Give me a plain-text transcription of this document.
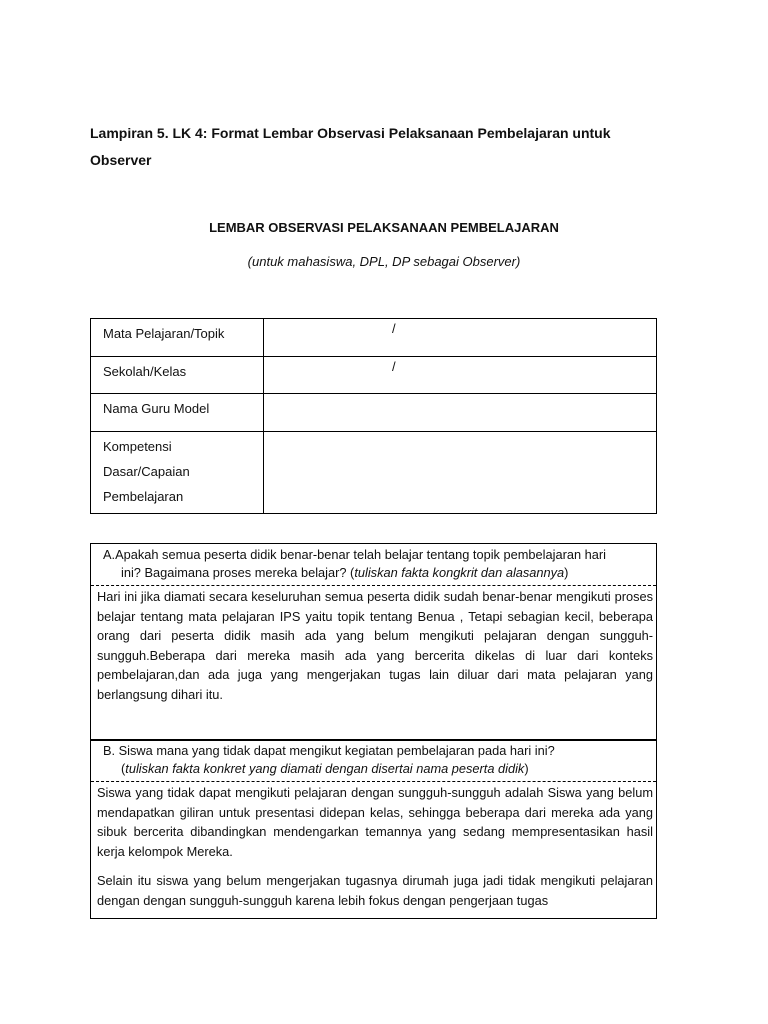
Lampiran 5. LK 4: Format Lembar Observasi Pelaksanaan Pembelajaran untuk
Observer
LEMBAR OBSERVASI PELAKSANAAN PEMBELAJARAN
(untuk mahasiswa, DPL, DP sebagai Observer)
Mata Pelajaran/Topik	/

Sekolah/Kelas	/

Nama Guru Model	

Kompetensi
Dasar/Capaian
Pembelajaran	

A.Apakah semua peserta didik benar-benar telah belajar tentang topik pembelajaran hari
ini? Bagaimana proses mereka belajar? (tuliskan fakta kongkrit dan alasannya)

Hari ini jika diamati secara keseluruhan semua peserta didik sudah benar-benar mengikuti proses belajar tentang mata pelajaran IPS yaitu topik tentang Benua , Tetapi sebagian kecil, beberapa orang dari peserta didik masih ada yang belum mengikuti pelajaran dengan sungguh-sungguh.Beberapa dari mereka masih ada yang bercerita dikelas di luar dari konteks pembelajaran,dan ada juga yang mengerjakan tugas lain diluar dari mata pelajaran yang berlangsung dihari itu.

B. Siswa mana yang tidak dapat mengikut kegiatan pembelajaran pada hari ini?
(tuliskan fakta konkret yang diamati dengan disertai nama peserta didik)

Siswa yang tidak dapat mengikuti pelajaran dengan sungguh-sungguh adalah Siswa yang belum mendapatkan giliran untuk presentasi didepan kelas, sehingga beberapa dari mereka ada yang sibuk bercerita dibandingkan mendengarkan temannya yang sedang mempresentasikan hasil kerja kelompok Mereka.

Selain itu siswa yang belum mengerjakan tugasnya dirumah juga jadi tidak mengikuti pelajaran dengan dengan sungguh-sungguh karena lebih fokus dengan pengerjaan tugas
